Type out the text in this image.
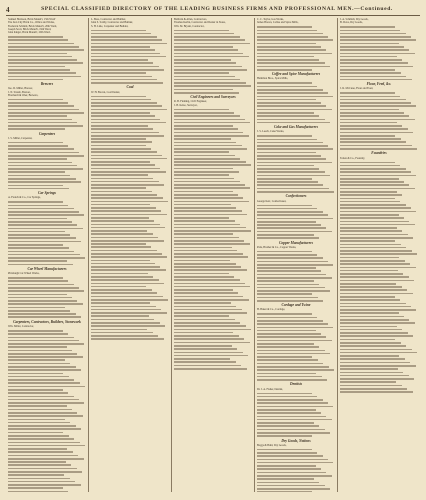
4	SPECIAL CLASSIFIED DIRECTORY OF THE LEADING BUSINESS FIRMS AND PROFESSIONAL MEN.—Continued.
Samuel Harrison, Brick Manuf'r, 15th Ward'
The Iron City Brick Co., Office and Works,
Frederick Schmitt, Brick Manuf'r, 20th Ward,
Joseph Scott, Brick Manuf'r, 19th Ward,
John Kingst, Brick Manuf'r, 20th Ward.
Brewers
Jno. D. Miller, Brewer,
J. N. Straub, Brewer,
Eberhardt & Ober, Brewers,
Carpenters
J. S. Miller, Carpenter,
Car Springs
A. French & Co., Car Springs,
Car Wheel Manufacturers
Pittsburgh Car Wheel Works,
Carpenters, Contractors, Builders, Stonework
Wm. Miller, Contractor,
L. Boss, Contractor and Builder,
John S. Scully, Contractor and Builder,
S. H. Lisle, Carpenter and Builder,
Coal
W. H. Brown, Coal Dealer,
Baldwin & Allen, Contractors,
Thomas Kerlin, Contractor and Dealer in Stone,
Wm. M. Bryant, Contractor,
Civil Engineers and Surveyors
R. B. Fleming, Civil Engineer,
J. B. Kelso, Surveyor,
C. C. Taylor, Gas Works,
James Brown, Coffee and Spice Mills,
Coffee and Spice Manufacturers
Hamilton Bros., Spice Mills,
Coke and Gas Manufacturers
J. S. Leech, Coke Works,
Confectioners
George Kerr, Confectioner,
Copper Manufacturers
Park, Brother & Co., Copper Works,
Cordage and Twine
H. Baker & Co., Cordage,
Dentists
Dr. J. A. Fisher, Dentist,
Dry Goods, Notions
Boggs & Buhl, Dry Goods,
J. A. Schmidt, Dry Goods,
B. Dove, Dry Goods,
Flour, Feed, &c.
J. R. McCune, Flour and Feed,
Foundries
Totten & Co., Foundry,
